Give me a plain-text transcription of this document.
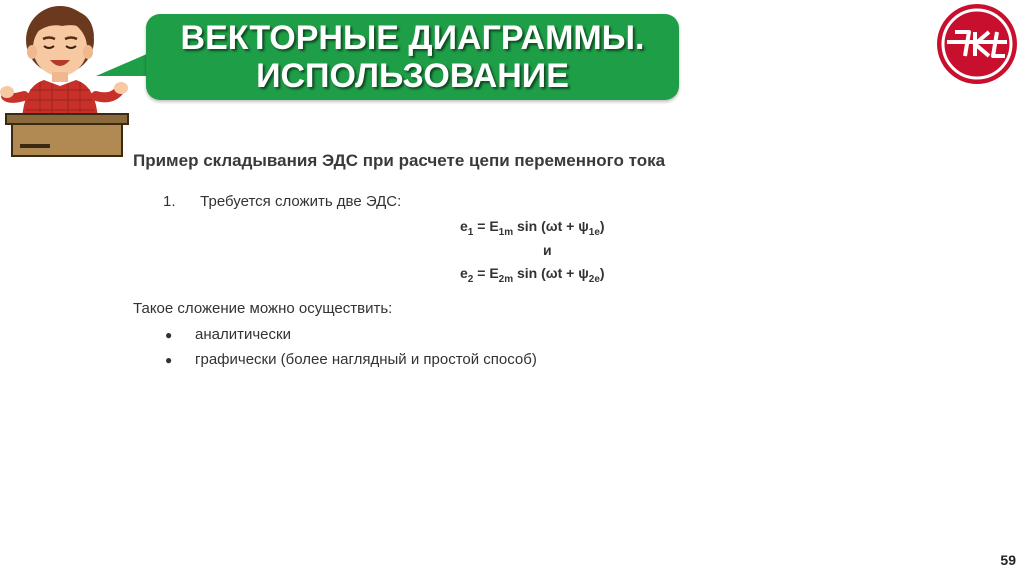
ВЕКТОРНЫЕ ДИАГРАММЫ.
ИСПОЛЬЗОВАНИЕ
Пример складывания ЭДС при расчете цепи переменного тока
1. Требуется сложить две ЭДС:
$e_1 = E_{1m}$ $\sin (\omega t + \psi_{1e})$
и
$e_2 = E_{2m}$ $\sin (\omega t + \psi_{2e})$
Такое сложение можно осуществить:
● аналитически
● графически (более наглядный и простой способ)
59
